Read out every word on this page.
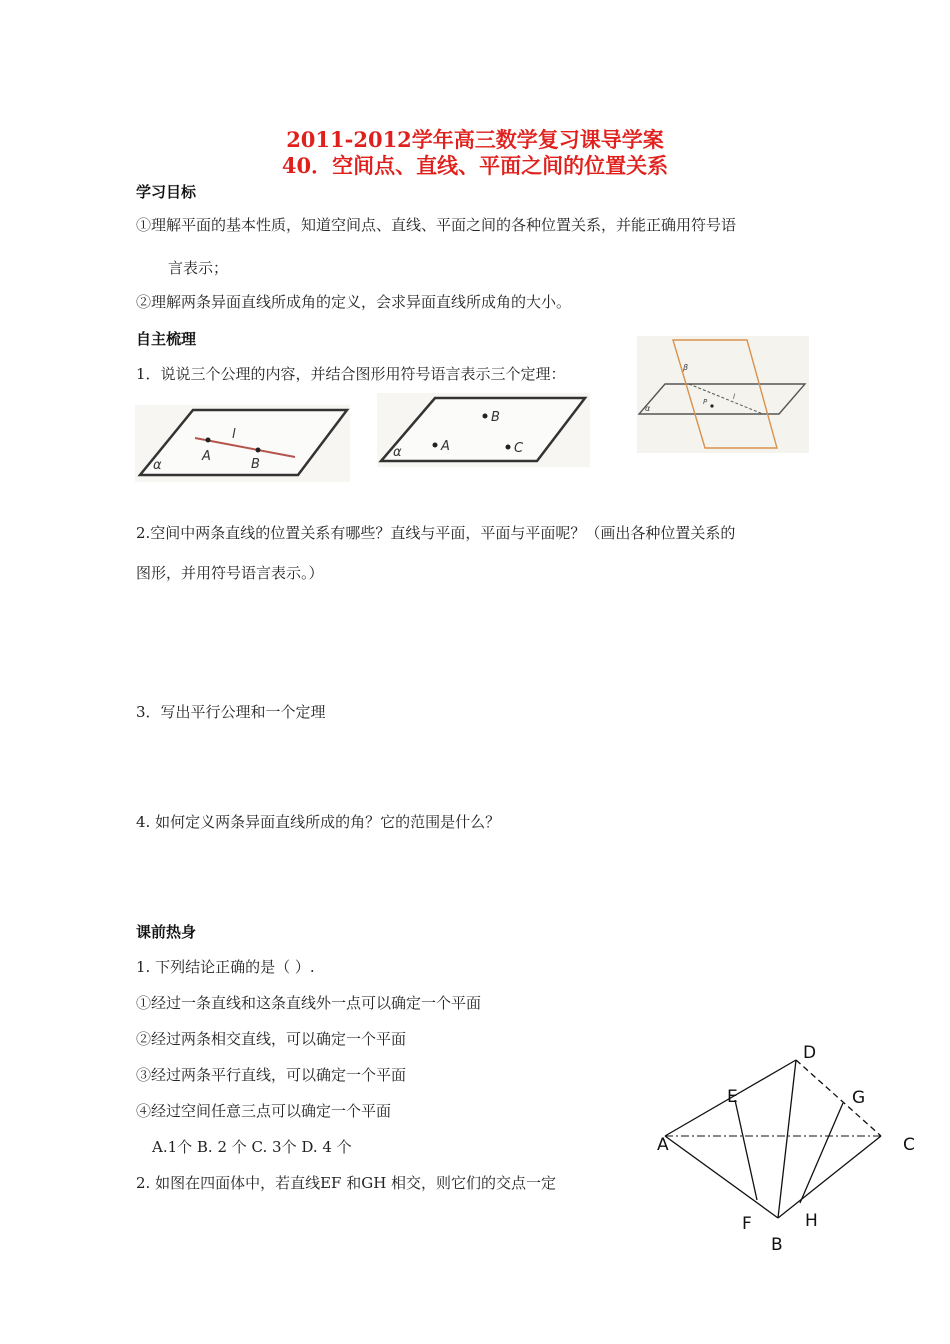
2011-2012学年高三数学复习课导学案
40．空间点、直线、平面之间的位置关系
学习目标
①理解平面的基本性质，知道空间点、直线、平面之间的各种位置关系，并能正确用符号语
言表示；
②理解两条异面直线所成角的定义，会求异面直线所成角的大小。
自主梳理
1．说说三个公理的内容，并结合图形用符号语言表示三个定理：
α
l
A
B
B
A	C
α
α
β
P
l
2.空间中两条直线的位置关系有哪些？直线与平面，平面与平面呢？（画出各种位置关系的
图形，并用符号语言表示。）
3．写出平行公理和一个定理
4. 如何定义两条异面直线所成的角？它的范围是什么？
课前热身
1. 下列结论正确的是（ ）.
①经过一条直线和这条直线外一点可以确定一个平面
②经过两条相交直线，可以确定一个平面
③经过两条平行直线，可以确定一个平面
④经过空间任意三点可以确定一个平面
A.1个 B. 2 个 C. 3个 D. 4 个
2. 如图在四面体中，若直线EF 和GH 相交，则它们的交点一定
A
B
C
D
E
F
G
H
